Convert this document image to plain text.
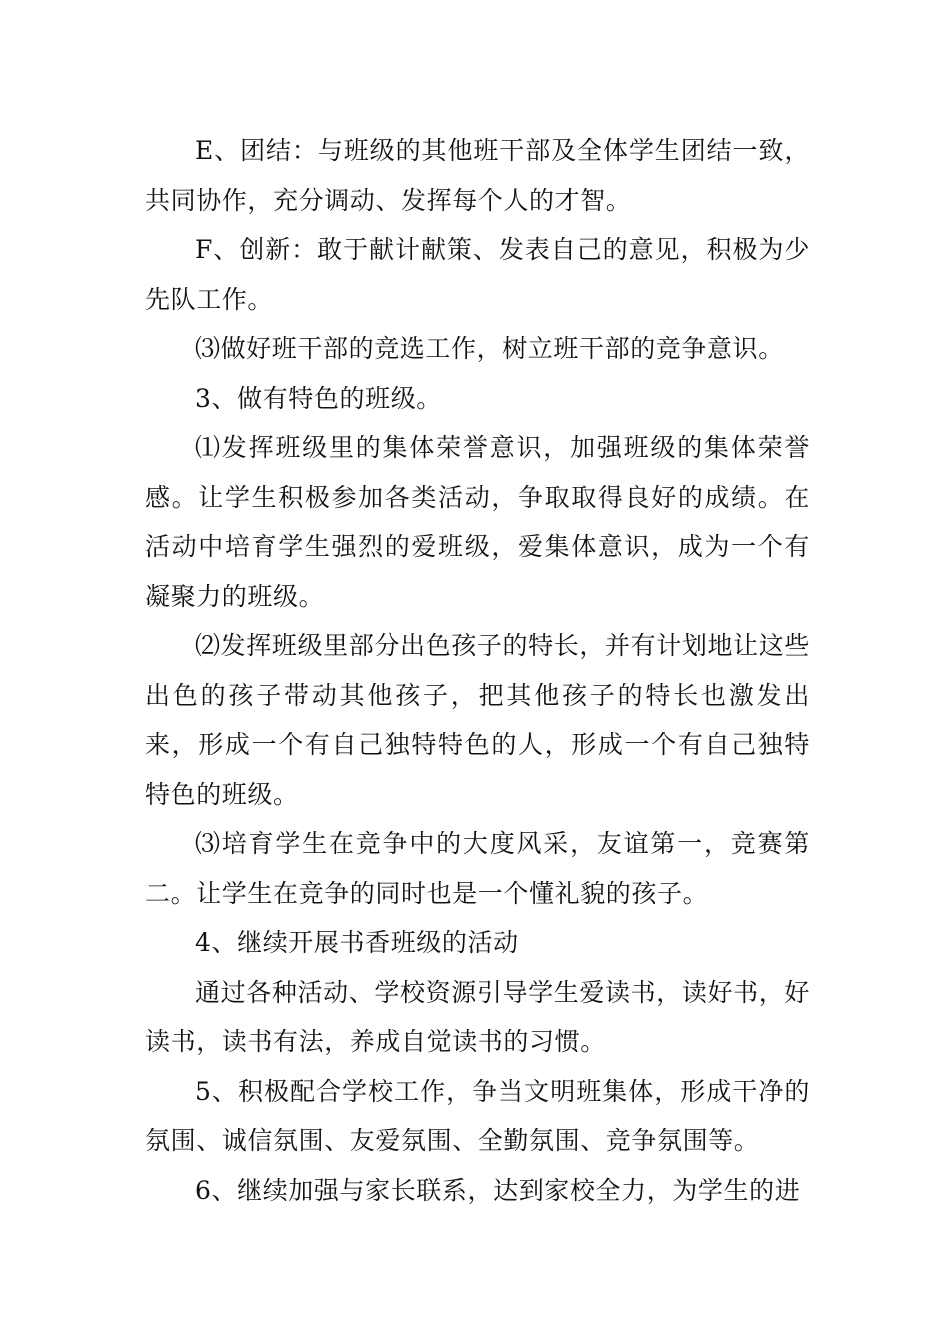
E、团结：与班级的其他班干部及全体学生团结一致，共同协作，充分调动、发挥每个人的才智。

F、创新：敢于献计献策、发表自己的意见，积极为少先队工作。

⑶做好班干部的竞选工作，树立班干部的竞争意识。

3、做有特色的班级。

⑴发挥班级里的集体荣誉意识，加强班级的集体荣誉感。让学生积极参加各类活动，争取取得良好的成绩。在活动中培育学生强烈的爱班级，爱集体意识，成为一个有凝聚力的班级。

⑵发挥班级里部分出色孩子的特长，并有计划地让这些出色的孩子带动其他孩子，把其他孩子的特长也激发出来，形成一个有自己独特特色的人，形成一个有自己独特特色的班级。

⑶培育学生在竞争中的大度风采，友谊第一，竞赛第二。让学生在竞争的同时也是一个懂礼貌的孩子。

4、继续开展书香班级的活动

通过各种活动、学校资源引导学生爱读书，读好书，好读书，读书有法，养成自觉读书的习惯。

5、积极配合学校工作，争当文明班集体，形成干净的氛围、诚信氛围、友爱氛围、全勤氛围、竞争氛围等。

6、继续加强与家长联系，达到家校全力，为学生的进
